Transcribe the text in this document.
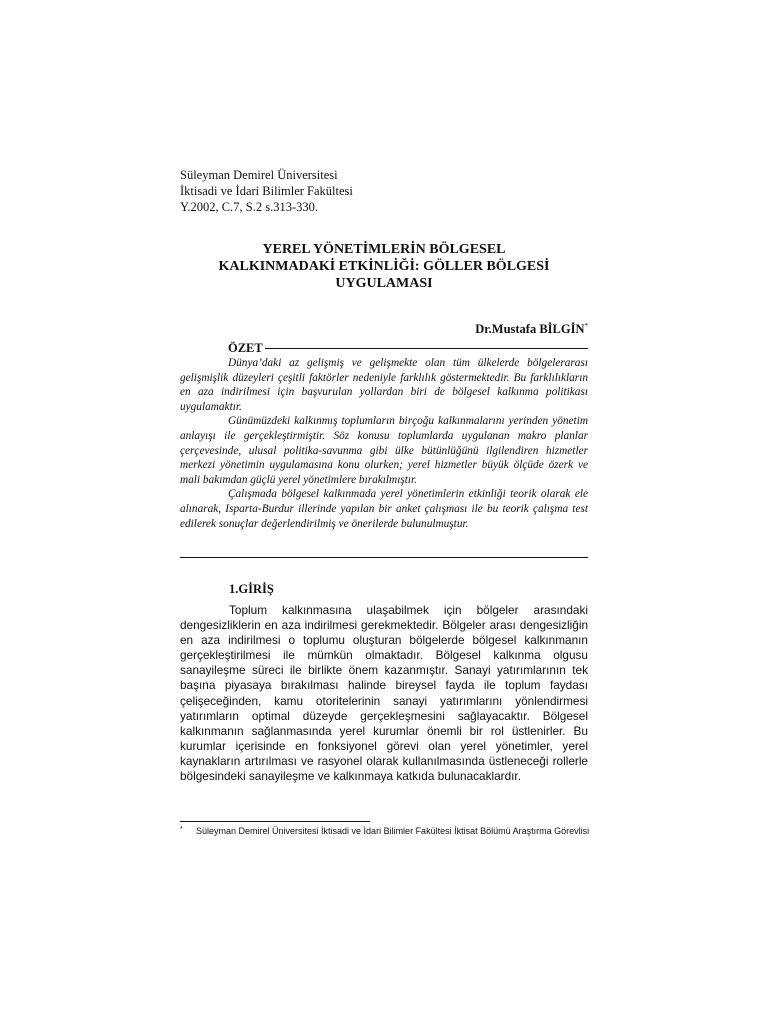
Süleyman Demirel Üniversitesi
İktisadi ve İdari Bilimler Fakültesi
Y.2002, C.7, S.2 s.313-330.
YEREL YÖNETİMLERİN BÖLGESEL
KALKINMADAKİ ETKİNLİĞİ: GÖLLER BÖLGESİ
UYGULAMASI
Dr.Mustafa BİLGİN*
ÖZET

Dünya’daki az gelişmiş ve gelişmekte olan tüm ülkelerde bölgelerarası gelişmişlik düzeyleri çeşitli faktörler nedeniyle farklılık göstermektedir. Bu farklılıkların en aza indirilmesi için başvurulan yollardan biri de bölgesel kalkınma politikası uygulamaktır.

Günümüzdeki kalkınmış toplumların birçoğu kalkınmalarını yerinden yönetim anlayışı ile gerçekleştirmiştir. Söz konusu toplumlarda uygulanan makro planlar çerçevesinde, ulusal politika-savunma gibi ülke bütünlüğünü ilgilendiren hizmetler merkezi yönetimin uygulamasına konu olurken; yerel hizmetler büyük ölçüde özerk ve mali bakımdan güçlü yerel yönetimlere bırakılmıştır.

Çalışmada bölgesel kalkınmada yerel yönetimlerin etkinliği teorik olarak ele alınarak, Isparta-Burdur illerinde yapılan bir anket çalışması ile bu teorik çalışma test edilerek sonuçlar değerlendirilmiş ve önerilerde bulunulmuştur.

1.GİRİŞ

Toplum kalkınmasına ulaşabilmek için bölgeler arasındaki dengesizliklerin en aza indirilmesi gerekmektedir. Bölgeler arası dengesizliğin en aza indirilmesi o toplumu oluşturan bölgelerde bölgesel kalkınmanın gerçekleştirilmesi ile mümkün olmaktadır. Bölgesel kalkınma olgusu sanayileşme süreci ile birlikte önem kazanmıştır. Sanayi yatırımlarının tek başına piyasaya bırakılması halinde bireysel fayda ile toplum faydası çelişeceğinden, kamu otoritelerinin sanayi yatırımlarını yönlendirmesi yatırımların optimal düzeyde gerçekleşmesini sağlayacaktır. Bölgesel kalkınmanın sağlanmasında yerel kurumlar önemli bir rol üstlenirler. Bu kurumlar içerisinde en fonksiyonel görevi olan yerel yönetimler, yerel kaynakların artırılması ve rasyonel olarak kullanılmasında üstleneceği rollerle bölgesindeki sanayileşme ve kalkınmaya katkıda bulunacaklardır.

*	Süleyman Demirel Üniversitesi İktisadi ve İdari Bilimler Fakültesi İktisat Bölümü Araştırma Görevlisi
